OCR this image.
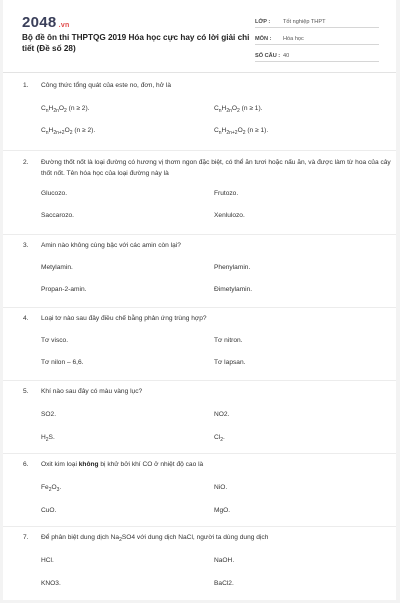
2048 .vn
Bộ đề ôn thi THPTQG 2019 Hóa học cực hay có lời giải chi tiết (Đề số 28)
LỚP :	Tốt nghiệp THPT
MÔN :	Hóa học
SỐ CÂU : 40
1. Công thức tổng quát của este no, đơn, hở là
$C_nH_{2n}O_2$ (n ≥ 2).	$C_nH_{2n}O_2$ (n ≥ 1).
$C_nH_{2n+2}O_2$ (n ≥ 2).	$C_nH_{2n+2}O_2$ (n ≥ 1).
2. Đường thốt nốt là loại đường có hương vị thơm ngon đặc biệt, có thể ăn tươi hoặc nấu ăn, và được làm từ hoa của cây thốt nốt. Tên hóa học của loại đường này là
Glucozo.	Frutozo.
Saccarozo.	Xenlulozo.
3. Amin nào không cùng bậc với các amin còn lại?
Metylamin.	Phenylamin.
Propan-2-amin.	Đimetylamin.
4. Loại tơ nào sau đây điều chế bằng phản ứng trùng hợp?
Tơ visco.	Tơ nitron.
Tơ nilon – 6,6.	Tơ lapsan.
5. Khí nào sau đây có màu vàng lục?
SO2.	NO2.
$H_2S$.	$Cl_2$.
6. Oxit kim loại không bị khử bởi khí CO ở nhiệt độ cao là
$Fe_2O_3$.	NiO.
CuO.	MgO.
7. Để phân biệt dung dịch $Na_2SO4$ với dung dịch NaCl, người ta dùng dung dịch
HCl.	NaOH.
KNO3.	BaCl2.
